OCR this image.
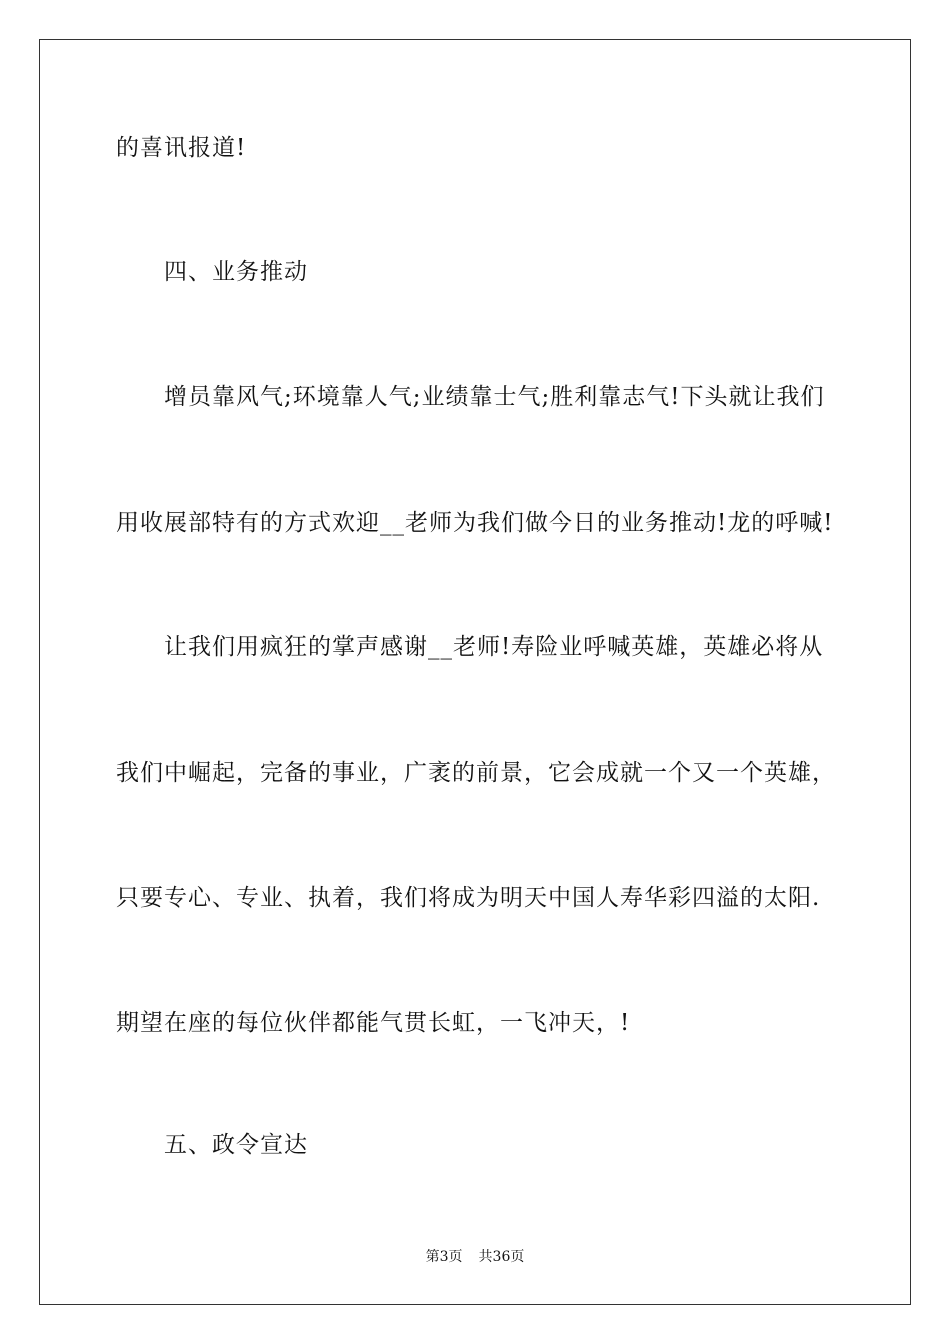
的喜讯报道!
四、业务推动
增员靠风气;环境靠人气;业绩靠士气;胜利靠志气!下头就让我们
用收展部特有的方式欢迎__老师为我们做今日的业务推动!龙的呼喊!
让我们用疯狂的掌声感谢__老师!寿险业呼喊英雄，英雄必将从
我们中崛起，完备的事业，广袤的前景，它会成就一个又一个英雄，
只要专心、专业、执着，我们将成为明天中国人寿华彩四溢的太阳.
期望在座的每位伙伴都能气贯长虹，一飞冲天，!
五、政令宣达
第3页 共36页
